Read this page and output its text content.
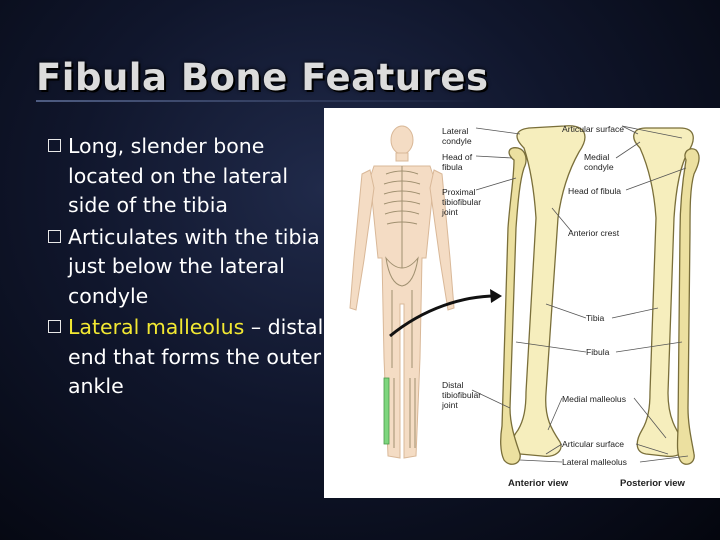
Fibula Bone Features
Long, slender bone located on the lateral side of the tibia
Articulates with the tibia just below the lateral condyle
Lateral malleolus – distal end that forms the outer ankle
Lateral condyle
Head of fibula
Proximal tibiofibular joint
Distal tibiofibular joint
Articular surface
Medial condyle
Head of fibula
Anterior crest
Tibia
Fibula
Medial malleolus
Articular surface
Lateral malleolus
Anterior view	Posterior view
